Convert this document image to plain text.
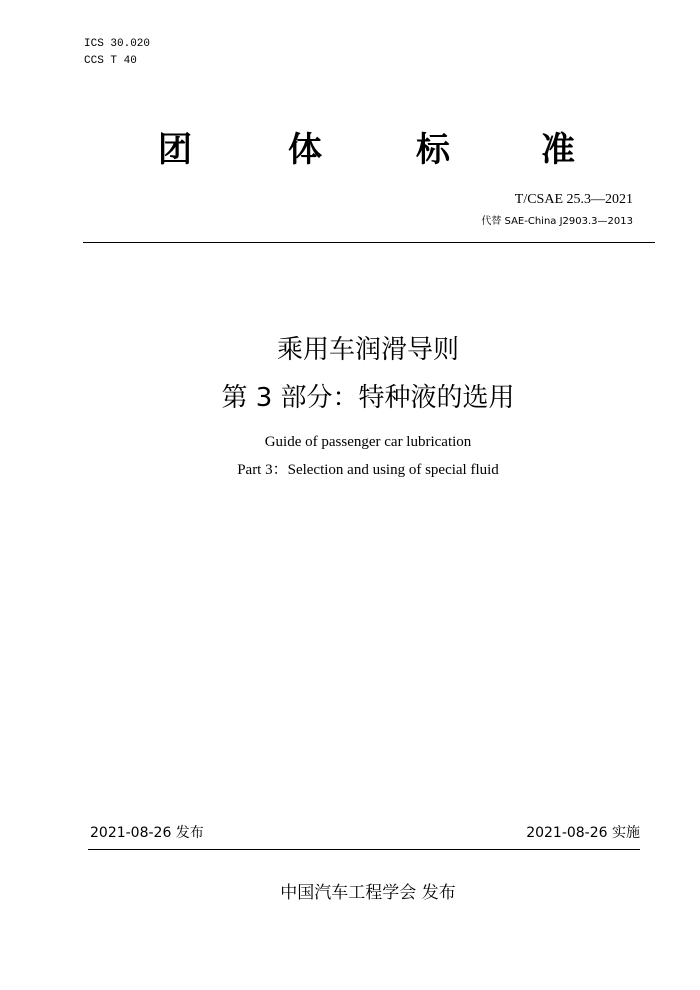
ICS 30.020
CCS T 40
团	体	标	准
T/CSAE 25.3—2021
代替 SAE-China J2903.3—2013
乘用车润滑导则
第 3 部分：特种液的选用
Guide of passenger car lubrication
Part 3：Selection and using of special fluid
2021-08-26 发布	2021-08-26 实施
中国汽车工程学会 发布
